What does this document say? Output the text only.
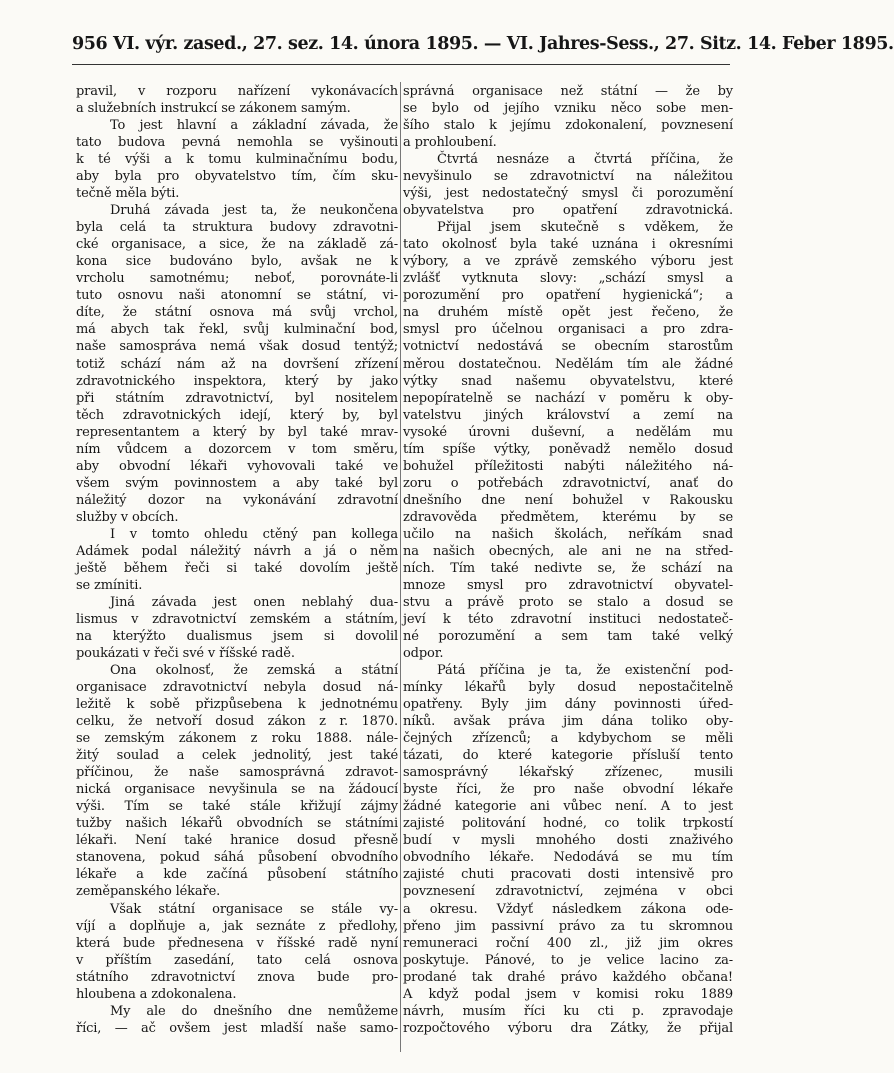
956 VI. výr. zased., 27. sez. 14. února 1895. — VI. Jahres-Sess., 27. Sitz. 14. Feber 1895.
pravil, v rozporu nařízení vykonávacích
a služebních instrukcí se zákonem samým.
To jest hlavní a základní závada, že
tato budova pevná nemohla se vyšinouti
k té výši a k tomu kulminačnímu bodu,
aby byla pro obyvatelstvo tím, čím sku-
tečně měla býti.
Druhá závada jest ta, že neukončena
byla celá ta struktura budovy zdravotni-
cké organisace, a sice, že na základě zá-
kona sice budováno bylo, avšak ne k
vrcholu samotnému; neboť, porovnáte-li
tuto osnovu naši atonomní se státní, vi-
díte, že státní osnova má svůj vrchol,
má abych tak řekl, svůj kulminační bod,
naše samospráva nemá však dosud tentýž;
totiž schází nám až na dovršení zřízení
zdravotnického inspektora, který by jako
při státním zdravotnictví, byl nositelem
těch zdravotnických idejí, který by, byl
representantem a který by byl také mrav-
ním vůdcem a dozorcem v tom směru,
aby obvodní lékaři vyhovovali také ve
všem svým povinnostem a aby také byl
náležitý dozor na vykonávání zdravotní
služby v obcích.
I v tomto ohledu ctěný pan kollega
Adámek podal náležitý návrh a já o něm
ještě během řeči si také dovolím ještě
se zmíniti.
Jiná závada jest onen neblahý dua-
lismus v zdravotnictví zemském a státním,
na kterýžto dualismus jsem si dovolil
poukázati v řeči své v říšské radě.
Ona okolnosť, že zemská a státní
organisace zdravotnictví nebyla dosud ná-
ležitě k sobě přizpůsebena k jednotnému
celku, že netvoří dosud zákon z r. 1870.
se zemským zákonem z roku 1888. nále-
žitý soulad a celek jednolitý, jest také
příčinou, že naše samosprávná zdravot-
nická organisace nevyšinula se na žádoucí
výši. Tím se také stále křižují zájmy
tužby našich lékařů obvodních se státními
lékaři. Není také hranice dosud přesně
stanovena, pokud sáhá působení obvodního
lékaře a kde začíná působení státního
zeměpanského lékaře.
Však státní organisace se stále vy-
víjí a doplňuje a, jak seznáte z předlohy,
která bude přednesena v říšské radě nyní
v příštím zasedání, tato celá osnova
státního zdravotnictví znova bude pro-
hloubena a zdokonalena.
My ale do dnešního dne nemůžeme
říci, — ač ovšem jest mladší naše samo-
správná organisace než státní — že by
se bylo od jejího vzniku něco sobe men-
šího stalo k jejímu zdokonalení, povznesení
a prohloubení.
Čtvrtá nesnáze a čtvrtá příčina, že
nevyšinulo se zdravotnictví na náležitou
výši, jest nedostatečný smysl či porozumění
obyvatelstva pro opatření zdravotnická.
Přijal jsem skutečně s vděkem, že
tato okolnosť byla také uznána i okresními
výbory, a ve zprávě zemského výboru jest
zvlášť vytknuta slovy: „schází smysl a
porozumění pro opatření hygienická“; a
na druhém místě opět jest řečeno, že
smysl pro účelnou organisaci a pro zdra-
votnictví nedostává se obecním starostům
měrou dostatečnou. Nedělám tím ale žádné
výtky snad našemu obyvatelstvu, které
nepopíratelně se nachází v poměru k oby-
vatelstvu jiných království a zemí na
vysoké úrovni duševní, a nedělám mu
tím spíše výtky, poněvadž nemělo dosud
bohužel příležitosti nabýti náležitého ná-
zoru o potřebách zdravotnictví, anať do
dnešního dne není bohužel v Rakousku
zdravověda předmětem, kterému by se
učilo na našich školách, neříkám snad
na našich obecných, ale ani ne na střed-
ních. Tím také nedivte se, že schází na
mnoze smysl pro zdravotnictví obyvatel-
stvu a právě proto se stalo a dosud se
jeví k této zdravotní instituci nedostateč-
né porozumění a sem tam také velký
odpor.
Pátá příčina je ta, že existenční pod-
mínky lékařů byly dosud nepostačitelně
opatřeny. Byly jim dány povinnosti úřed-
níků. avšak práva jim dána toliko oby-
čejných zřízenců; a kdybychom se měli
tázati, do které kategorie přísluší tento
samosprávný lékařský zřízenec, musili
byste říci, že pro naše obvodní lékaře
žádné kategorie ani vůbec není. A to jest
zajisté politování hodné, co tolik trpkostí
budí v mysli mnohého dosti znaživého
obvodního lékaře. Nedodává se mu tím
zajisté chuti pracovati dosti intensivě pro
povznesení zdravotnictví, zejména v obci
a okresu. Vždyť následkem zákona ode-
přeno jim passivní právo za tu skromnou
remuneraci roční 400 zl., již jim okres
poskytuje. Pánové, to je velice lacino za-
prodané tak drahé právo každého občana!
A když podal jsem v komisi roku 1889
návrh, musím říci ku cti p. zpravodaje
rozpočtového výboru dra Zátky, že přijal
